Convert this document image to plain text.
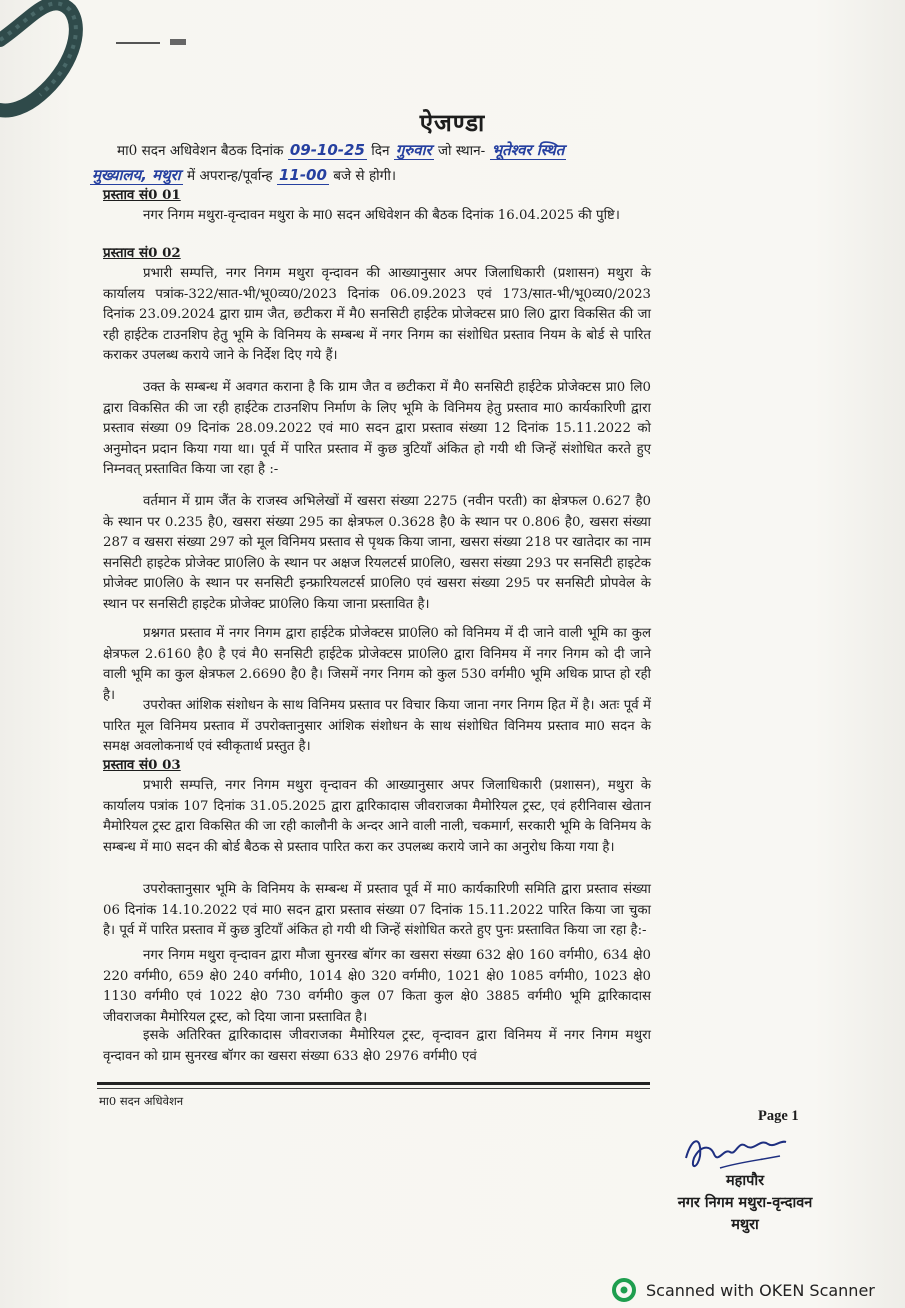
ऐजण्डा
मा0 सदन अधिवेशन बैठक दिनांक 09-10-25 दिन गुरुवार जो स्थान- भूतेश्वर स्थित
मुख्यालय, मथुरा में अपरान्ह/पूर्वान्ह 11-00 बजे से होगी।
प्रस्ताव सं0 01

नगर निगम मथुरा-वृन्दावन मथुरा के मा0 सदन अधिवेशन की बैठक दिनांक 16.04.2025 की पुष्टि।

प्रस्ताव सं0 02

प्रभारी सम्पत्ति, नगर निगम मथुरा वृन्दावन की आख्यानुसार अपर जिलाधिकारी (प्रशासन) मथुरा के कार्यालय पत्रांक-322/सात-भी/भू0व्य0/2023 दिनांक 06.09.2023 एवं 173/सात-भी/भू0व्य0/2023 दिनांक 23.09.2024 द्वारा ग्राम जैत, छटीकरा में मै0 सनसिटी हाईटेक प्रोजेक्टस प्रा0 लि0 द्वारा विकसित की जा रही हाईटेक टाउनशिप हेतु भूमि के विनिमय के सम्बन्ध में नगर निगम का संशोधित प्रस्ताव नियम के बोर्ड से पारित कराकर उपलब्ध कराये जाने के निर्देश दिए गये हैं।

उक्त के सम्बन्ध में अवगत कराना है कि ग्राम जैत व छटीकरा में मै0 सनसिटी हाईटेक प्रोजेक्टस प्रा0 लि0 द्वारा विकसित की जा रही हाईटेक टाउनशिप निर्माण के लिए भूमि के विनिमय हेतु प्रस्ताव मा0 कार्यकारिणी द्वारा प्रस्ताव संख्या 09 दिनांक 28.09.2022 एवं मा0 सदन द्वारा प्रस्ताव संख्या 12 दिनांक 15.11.2022 को अनुमोदन प्रदान किया गया था। पूर्व में पारित प्रस्ताव में कुछ त्रुटियाँ अंकित हो गयी थी जिन्हें संशोधित करते हुए निम्नवत् प्रस्तावित किया जा रहा है :-

वर्तमान में ग्राम जैंत के राजस्व अभिलेखों में खसरा संख्या 2275 (नवीन परती) का क्षेत्रफल 0.627 है0 के स्थान पर 0.235 है0, खसरा संख्या 295 का क्षेत्रफल 0.3628 है0 के स्थान पर 0.806 है0, खसरा संख्या 287 व खसरा संख्या 297 को मूल विनिमय प्रस्ताव से पृथक किया जाना, खसरा संख्या 218 पर खातेदार का नाम सनसिटी हाइटेक प्रोजेक्ट प्रा0लि0 के स्थान पर अक्षज रियलटर्स प्रा0लि0, खसरा संख्या 293 पर सनसिटी हाइटेक प्रोजेक्ट प्रा0लि0 के स्थान पर सनसिटी इन्फ्रारियलटर्स प्रा0लि0 एवं खसरा संख्या 295 पर सनसिटी प्रोपवेल के स्थान पर सनसिटी हाइटेक प्रोजेक्ट प्रा0लि0 किया जाना प्रस्तावित है।

प्रश्नगत प्रस्ताव में नगर निगम द्वारा हाईटेक प्रोजेक्टस प्रा0लि0 को विनिमय में दी जाने वाली भूमि का कुल क्षेत्रफल 2.6160 है0 है एवं मै0 सनसिटी हाईटेक प्रोजेक्टस प्रा0लि0 द्वारा विनिमय में नगर निगम को दी जाने वाली भूमि का कुल क्षेत्रफल 2.6690 है0 है। जिसमें नगर निगम को कुल 530 वर्गमी0 भूमि अधिक प्राप्त हो रही है।

उपरोक्त आंशिक संशोधन के साथ विनिमय प्रस्ताव पर विचार किया जाना नगर निगम हित में है। अतः पूर्व में पारित मूल विनिमय प्रस्ताव में उपरोक्तानुसार आंशिक संशोधन के साथ संशोधित विनिमय प्रस्ताव मा0 सदन के समक्ष अवलोकनार्थ एवं स्वीकृतार्थ प्रस्तुत है।

प्रस्ताव सं0 03

प्रभारी सम्पत्ति, नगर निगम मथुरा वृन्दावन की आख्यानुसार अपर जिलाधिकारी (प्रशासन), मथुरा के कार्यालय पत्रांक 107 दिनांक 31.05.2025 द्वारा द्वारिकादास जीवराजका मैमोरियल ट्रस्ट, एवं हरीनिवास खेतान मैमोरियल ट्रस्ट द्वारा विकसित की जा रही कालौनी के अन्दर आने वाली नाली, चकमार्ग, सरकारी भूमि के विनिमय के सम्बन्ध में मा0 सदन की बोर्ड बैठक से प्रस्ताव पारित करा कर उपलब्ध कराये जाने का अनुरोध किया गया है।

उपरोक्तानुसार भूमि के विनिमय के सम्बन्ध में प्रस्ताव पूर्व में मा0 कार्यकारिणी समिति द्वारा प्रस्ताव संख्या 06 दिनांक 14.10.2022 एवं मा0 सदन द्वारा प्रस्ताव संख्या 07 दिनांक 15.11.2022 पारित किया जा चुका है। पूर्व में पारित प्रस्ताव में कुछ त्रुटियाँ अंकित हो गयी थी जिन्हें संशोधित करते हुए पुनः प्रस्तावित किया जा रहा है:-

नगर निगम मथुरा वृन्दावन द्वारा मौजा सुनरख बॉगर का खसरा संख्या 632 क्षे0 160 वर्गमी0, 634 क्षे0 220 वर्गमी0, 659 क्षे0 240 वर्गमी0, 1014 क्षे0 320 वर्गमी0, 1021 क्षे0 1085 वर्गमी0, 1023 क्षे0 1130 वर्गमी0 एवं 1022 क्षे0 730 वर्गमी0 कुल 07 किता कुल क्षे0 3885 वर्गमी0 भूमि द्वारिकादास जीवराजका मैमोरियल ट्रस्ट, को दिया जाना प्रस्तावित है।

इसके अतिरिक्त द्वारिकादास जीवराजका मैमोरियल ट्रस्ट, वृन्दावन द्वारा विनिमय में नगर निगम मथुरा वृन्दावन को ग्राम सुनरख बॉगर का खसरा संख्या 633 क्षे0 2976 वर्गमी0 एवं

मा0 सदन अधिवेशन
Page 1
महापौर
नगर निगम मथुरा-वृन्दावन
मथुरा
Scanned with OKEN Scanner
